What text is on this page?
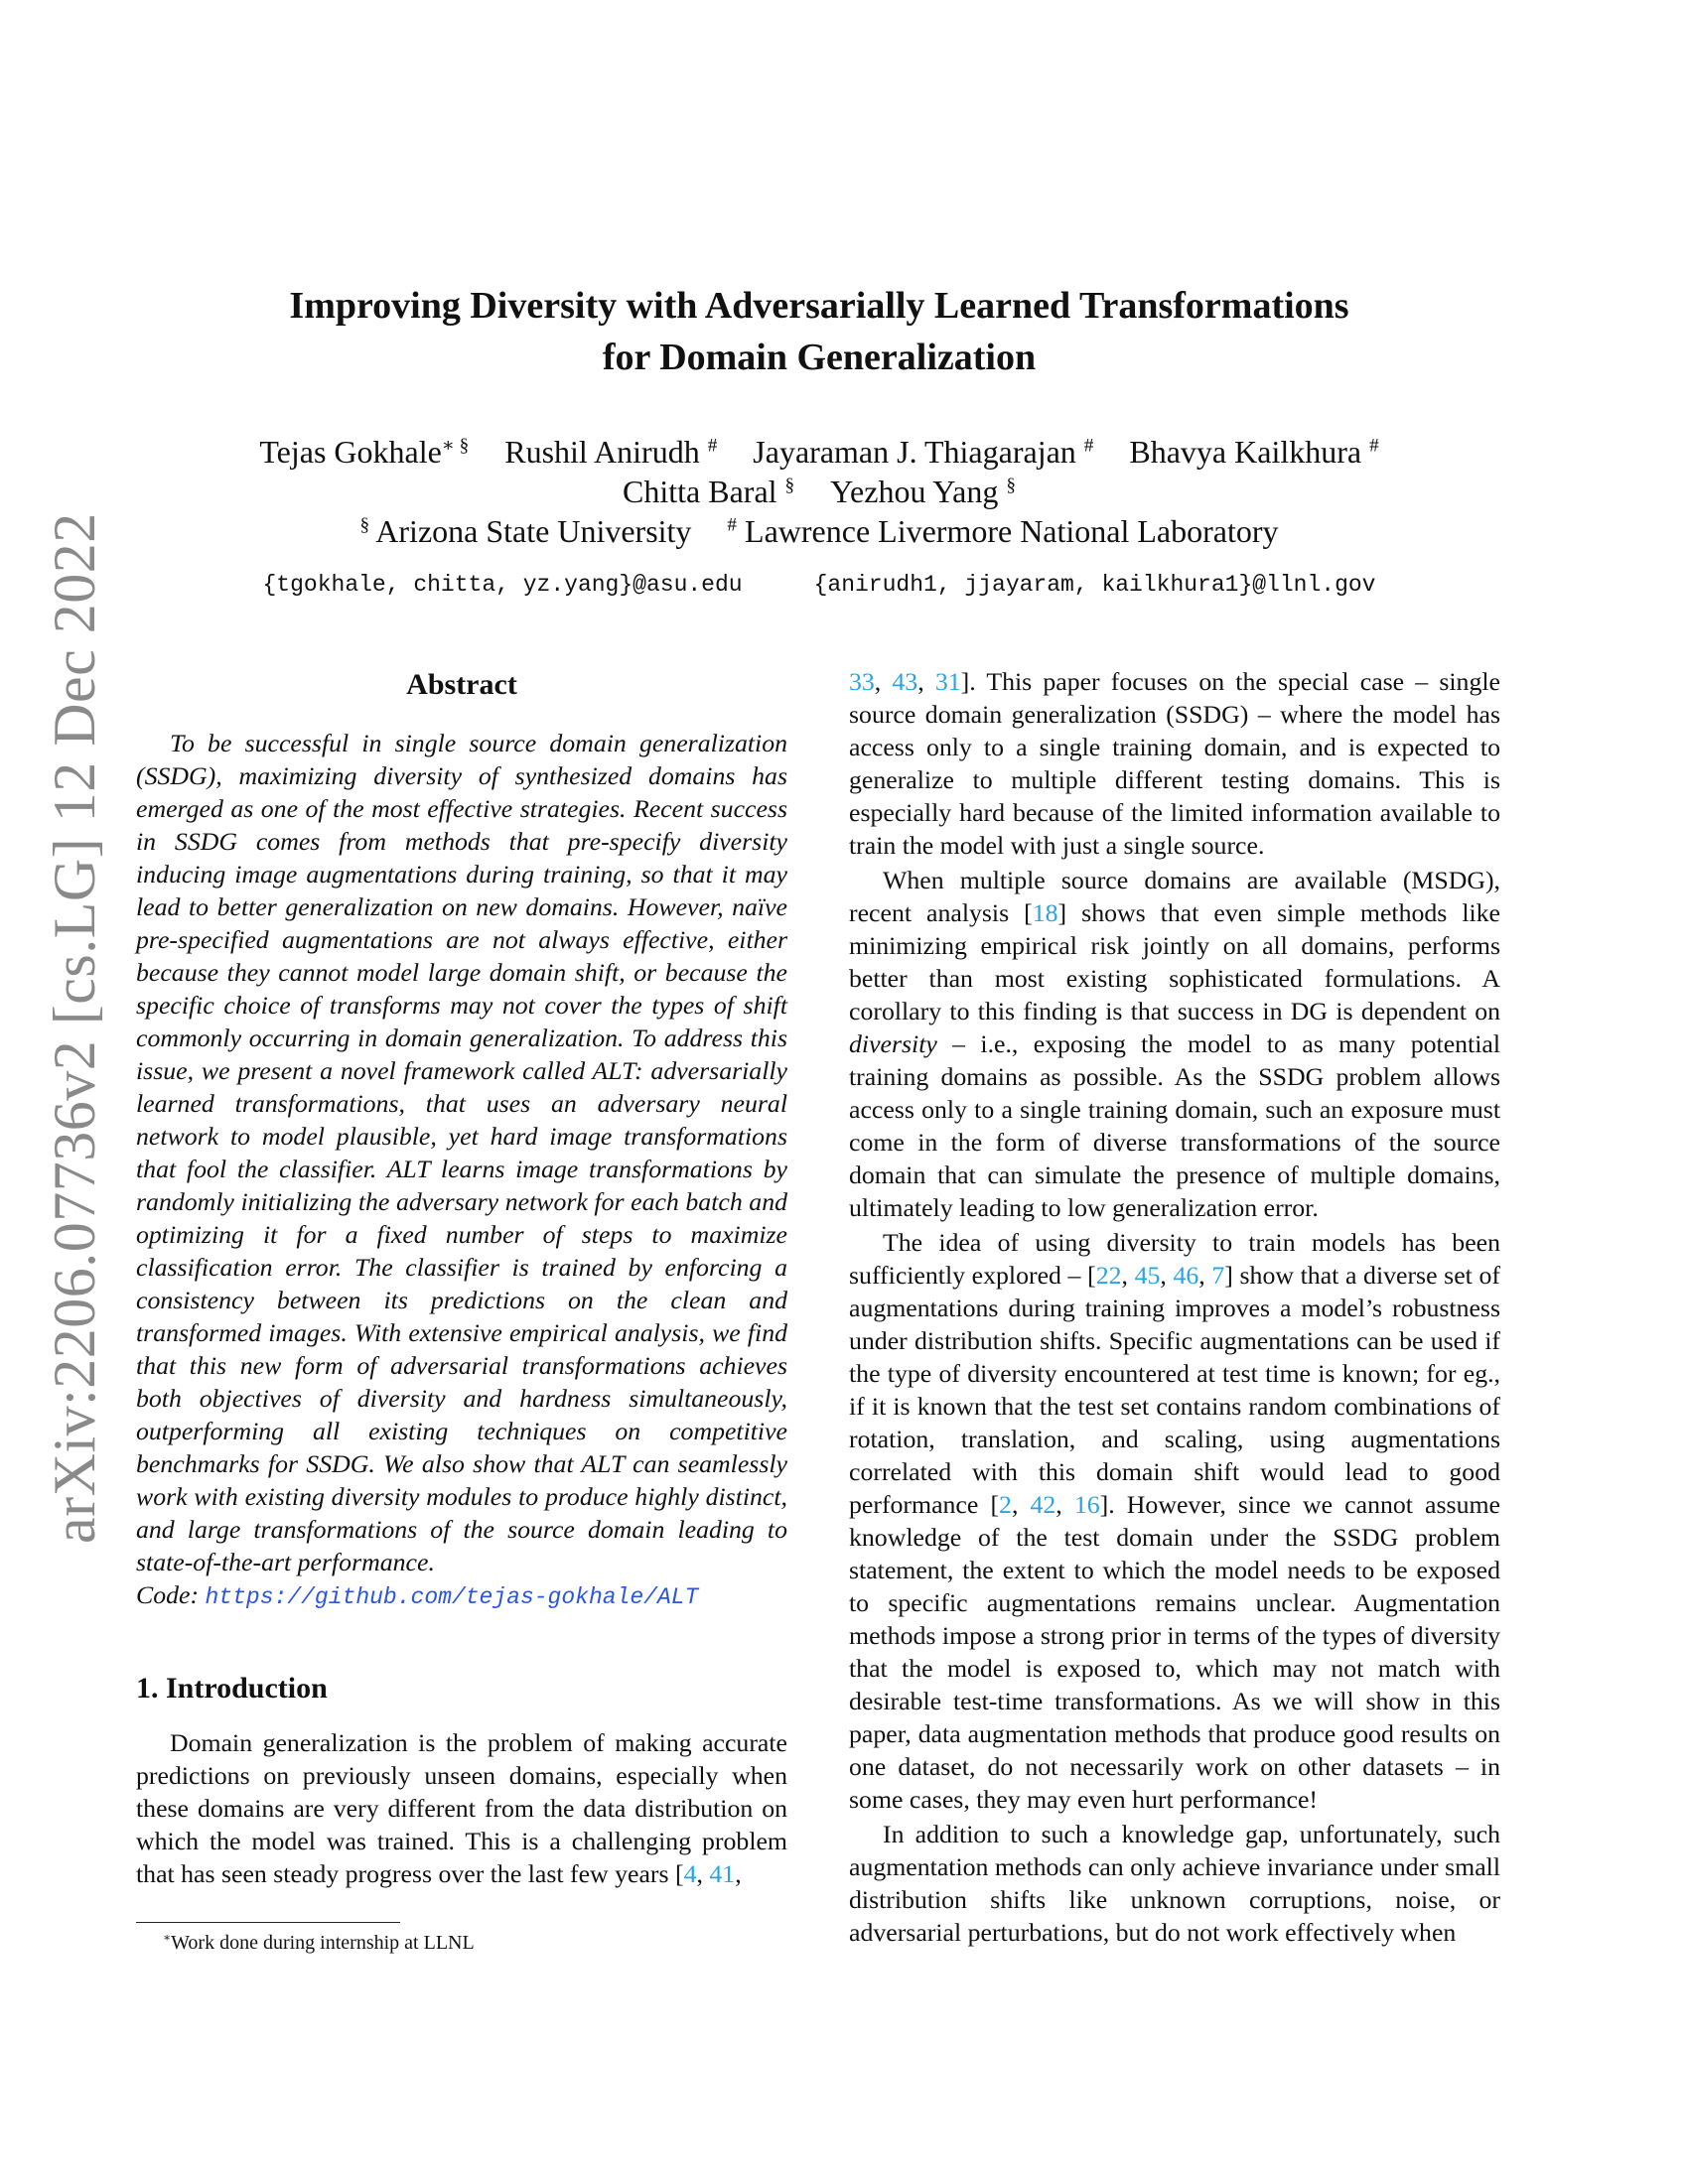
arXiv:2206.07736v2 [cs.LG] 12 Dec 2022
Improving Diversity with Adversarially Learned Transformations
for Domain Generalization
Tejas Gokhale∗ § Rushil Anirudh # Jayaraman J. Thiagarajan # Bhavya Kailkhura #
Chitta Baral § Yezhou Yang §
§ Arizona State University # Lawrence Livermore National Laboratory
{tgokhale, chitta, yz.yang}@asu.edu	{anirudh1, jjayaram, kailkhura1}@llnl.gov
Abstract

To be successful in single source domain generalization (SSDG), maximizing diversity of synthesized domains has emerged as one of the most effective strategies. Recent success in SSDG comes from methods that pre-specify diversity inducing image augmentations during training, so that it may lead to better generalization on new domains. However, naïve pre-specified augmentations are not always effective, either because they cannot model large domain shift, or because the specific choice of transforms may not cover the types of shift commonly occurring in domain generalization. To address this issue, we present a novel framework called ALT: adversarially learned transformations, that uses an adversary neural network to model plausible, yet hard image transformations that fool the classifier. ALT learns image transformations by randomly initializing the adversary network for each batch and optimizing it for a fixed number of steps to maximize classification error. The classifier is trained by enforcing a consistency between its predictions on the clean and transformed images. With extensive empirical analysis, we find that this new form of adversarial transformations achieves both objectives of diversity and hardness simultaneously, outperforming all existing techniques on competitive benchmarks for SSDG. We also show that ALT can seamlessly work with existing diversity modules to produce highly distinct, and large transformations of the source domain leading to state-of-the-art performance.

Code: https://github.com/tejas-gokhale/ALT

1. Introduction

Domain generalization is the problem of making accurate predictions on previously unseen domains, especially when these domains are very different from the data distribution on which the model was trained. This is a challenging problem that has seen steady progress over the last few years [4, 41,

∗Work done during internship at LLNL

33, 43, 31]. This paper focuses on the special case – single source domain generalization (SSDG) – where the model has access only to a single training domain, and is expected to generalize to multiple different testing domains. This is especially hard because of the limited information available to train the model with just a single source.

When multiple source domains are available (MSDG), recent analysis [18] shows that even simple methods like minimizing empirical risk jointly on all domains, performs better than most existing sophisticated formulations. A corollary to this finding is that success in DG is dependent on diversity – i.e., exposing the model to as many potential training domains as possible. As the SSDG problem allows access only to a single training domain, such an exposure must come in the form of diverse transformations of the source domain that can simulate the presence of multiple domains, ultimately leading to low generalization error.

The idea of using diversity to train models has been sufficiently explored – [22, 45, 46, 7] show that a diverse set of augmentations during training improves a model’s robustness under distribution shifts. Specific augmentations can be used if the type of diversity encountered at test time is known; for eg., if it is known that the test set contains random combinations of rotation, translation, and scaling, using augmentations correlated with this domain shift would lead to good performance [2, 42, 16]. However, since we cannot assume knowledge of the test domain under the SSDG problem statement, the extent to which the model needs to be exposed to specific augmentations remains unclear. Augmentation methods impose a strong prior in terms of the types of diversity that the model is exposed to, which may not match with desirable test-time transformations. As we will show in this paper, data augmentation methods that produce good results on one dataset, do not necessarily work on other datasets – in some cases, they may even hurt performance!

In addition to such a knowledge gap, unfortunately, such augmentation methods can only achieve invariance under small distribution shifts like unknown corruptions, noise, or adversarial perturbations, but do not work effectively when
